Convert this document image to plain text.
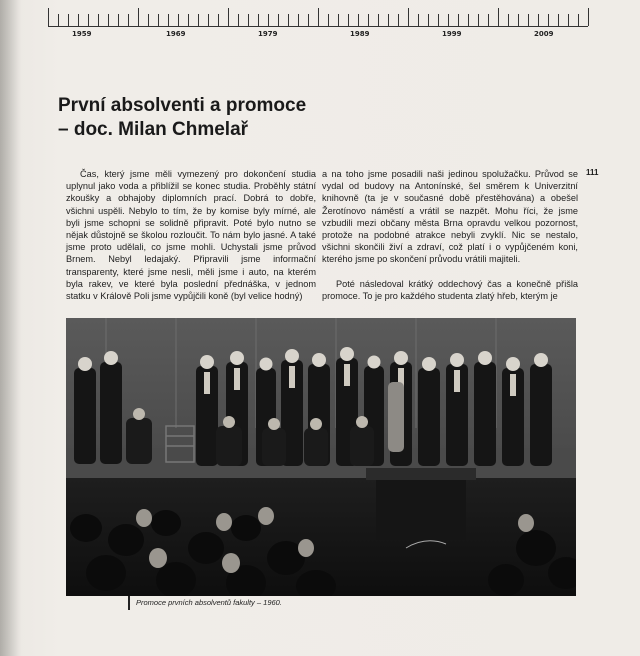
1959	1969	1979	1989	1999	2009
První absolventi a promoce
– doc. Milan Chmelař

Čas, který jsme měli vymezený pro dokončení studia uplynul jako voda a přiblížil se konec studia. Proběhly státní zkoušky a obhajoby diplomních prací. Dobrá to dobře, všichni uspěli. Nebylo to tím, že by komise byly mírné, ale byli jsme schopni se solidně připravit. Poté bylo nutno se nějak důstojně se školou rozloučit. To nám bylo jasné. A také jsme proto udělali, co jsme mohli. Uchystali jsme průvod Brnem. Nebyl ledajaký. Připravili jsme informační transparenty, které jsme nesli, měli jsme i auto, na kterém byla rakev, ve které byla poslední přednáška, v jednom statku v Králově Poli jsme vypůjčili koně (byl velice hodný)

a na toho jsme posadili naši jedinou spolužačku. Průvod se vydal od budovy na Antonínské, šel směrem k Univerzitní knihovně (ta je v současné době přestěhována) a obešel Žerotínovo náměstí a vrátil se nazpět. Mohu říci, že jsme vzbudili mezi občany města Brna opravdu velkou pozornost, protože na podobné atrakce nebyli zvyklí. Nic se nestalo, všichni skončili živí a zdraví, což platí i o vypůjčeném koni, kterého jsme po skončení průvodu vrátili majiteli.

Poté následoval krátký oddechový čas a konečně přišla promoce. To je pro každého studenta zlatý hřeb, kterým je

111
Promoce prvních absolventů fakulty – 1960.
